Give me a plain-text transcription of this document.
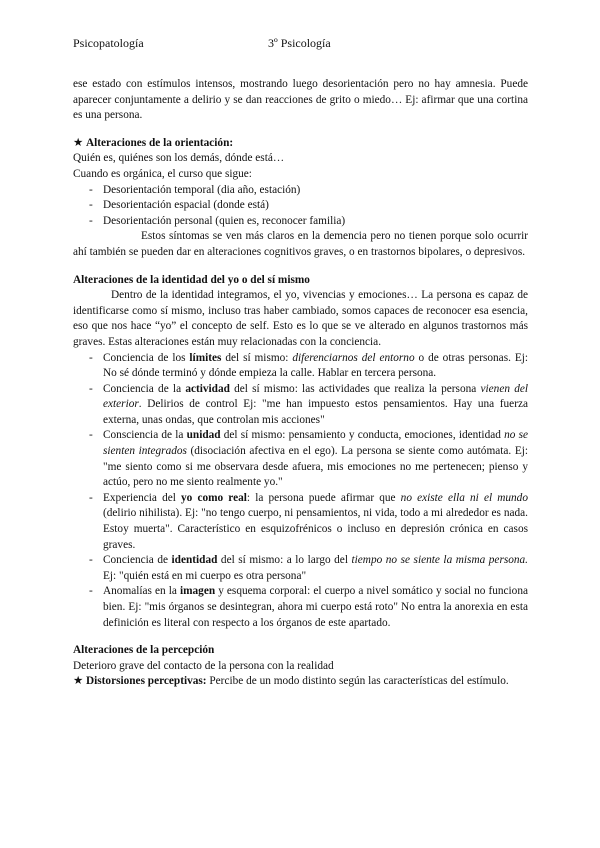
Psicopatología	3º Psicología

ese estado con estímulos intensos, mostrando luego desorientación pero no hay amnesia. Puede aparecer conjuntamente a delirio y se dan reacciones de grito o miedo… Ej: afirmar que una cortina es una persona.

★ Alteraciones de la orientación:

Quién es, quiénes son los demás, dónde está…

Cuando es orgánica, el curso que sigue:

- Desorientación temporal (dia año, estación)
- Desorientación espacial (donde está)
- Desorientación personal (quien es, reconocer familia)

Estos síntomas se ven más claros en la demencia pero no tienen porque solo ocurrir ahí también se pueden dar en alteraciones cognitivos graves, o en trastornos bipolares, o depresivos.

Alteraciones de la identidad del yo o del sí mismo

Dentro de la identidad integramos, el yo, vivencias y emociones… La persona es capaz de identificarse como sí mismo, incluso tras haber cambiado, somos capaces de reconocer esa esencia, eso que nos hace “yo” el concepto de self. Esto es lo que se ve alterado en algunos trastornos más graves. Estas alteraciones están muy relacionadas con la conciencia.

- Conciencia de los límites del sí mismo: diferenciarnos del entorno o de otras personas. Ej: No sé dónde terminó y dónde empieza la calle. Hablar en tercera persona.
- Conciencia de la actividad del sí mismo: las actividades que realiza la persona vienen del exterior. Delirios de control Ej: "me han impuesto estos pensamientos. Hay una fuerza externa, unas ondas, que controlan mis acciones"
- Consciencia de la unidad del sí mismo: pensamiento y conducta, emociones, identidad no se sienten integrados (disociación afectiva en el ego). La persona se siente como autómata. Ej: "me siento como si me observara desde afuera, mis emociones no me pertenecen; pienso y actúo, pero no me siento realmente yo."
- Experiencia del yo como real: la persona puede afirmar que no existe ella ni el mundo (delirio nihilista). Ej: "no tengo cuerpo, ni pensamientos, ni vida, todo a mi alrededor es nada. Estoy muerta". Característico en esquizofrénicos o incluso en depresión crónica en casos graves.
- Conciencia de identidad del sí mismo: a lo largo del tiempo no se siente la misma persona. Ej: "quién está en mi cuerpo es otra persona"
- Anomalías en la imagen y esquema corporal: el cuerpo a nivel somático y social no funciona bien. Ej: "mis órganos se desintegran, ahora mi cuerpo está roto" No entra la anorexia en esta definición es literal con respecto a los órganos de este apartado.

Alteraciones de la percepción

Deterioro grave del contacto de la persona con la realidad

★ Distorsiones perceptivas: Percibe de un modo distinto según las características del estímulo.
